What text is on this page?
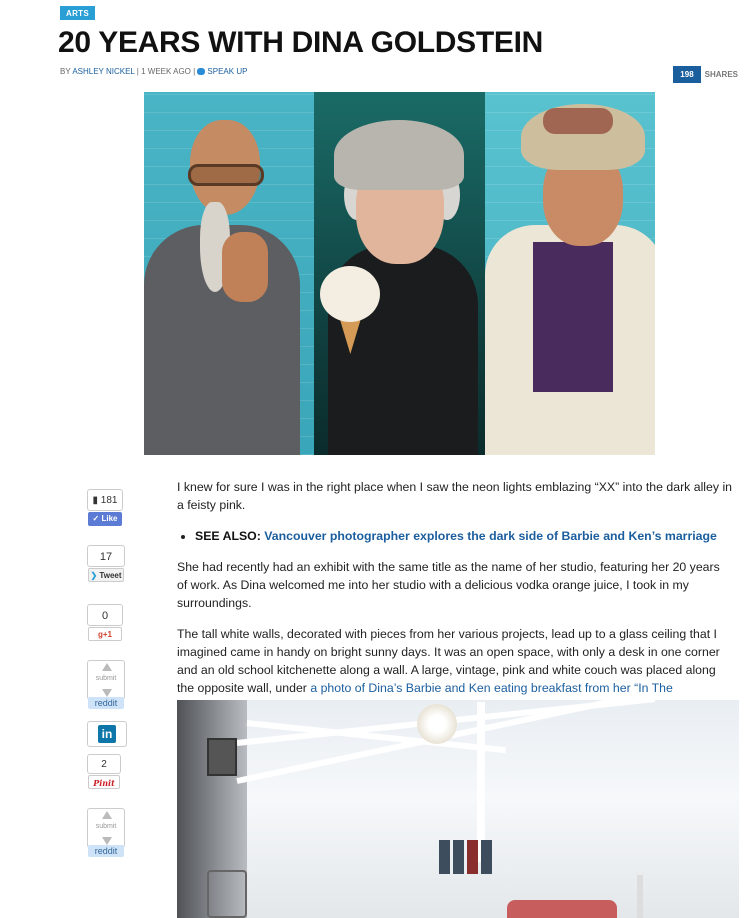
ARTS
20 YEARS WITH DINA GOLDSTEIN
BY ASHLEY NICKEL | 1 WEEK AGO | SPEAK UP	198 SHARES
▮ 181
✓ Like
17
❯ Tweet
0
g+1
submit
reddit
in
2
Pinit
submit
reddit

I knew for sure I was in the right place when I saw the neon lights emblazing “XX” into the dark alley in a feisty pink.

• SEE ALSO: Vancouver photographer explores the dark side of Barbie and Ken’s marriage

She had recently had an exhibit with the same title as the name of her studio, featuring her 20 years of work. As Dina welcomed me into her studio with a delicious vodka orange juice, I took in my surroundings.

The tall white walls, decorated with pieces from her various projects, lead up to a glass ceiling that I imagined came in handy on bright sunny days. It was an open space, with only a desk in one corner and an old school kitchenette along a wall. A large, vintage, pink and white couch was placed along the opposite wall, under a photo of Dina’s Barbie and Ken eating breakfast from her “In The
